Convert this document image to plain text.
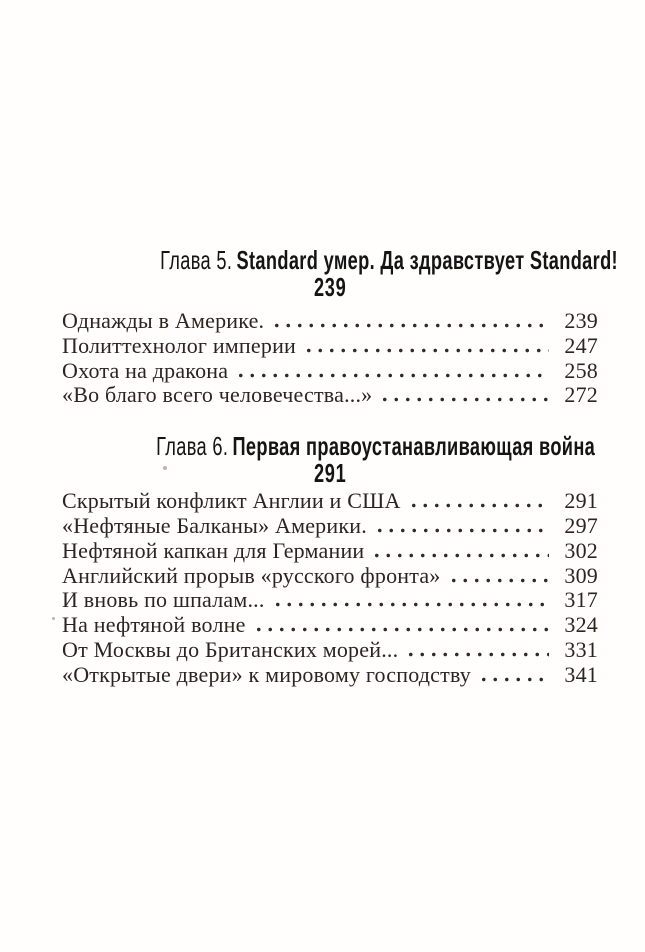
Глава 5. Standard умер. Да здравствует Standard!
239
Однажды в Америке.	239
Политтехнолог империи	247
Охота на дракона	258
«Во благо всего человечества...»	272
Глава 6. Первая правоустанавливающая война
291
Скрытый конфликт Англии и США	291
«Нефтяные Балканы» Америки.	297
Нефтяной капкан для Германии	302
Английский прорыв «русского фронта»	309
И вновь по шпалам...	317
На нефтяной волне	324
От Москвы до Британских морей...	331
«Открытые двери» к мировому господству	341
